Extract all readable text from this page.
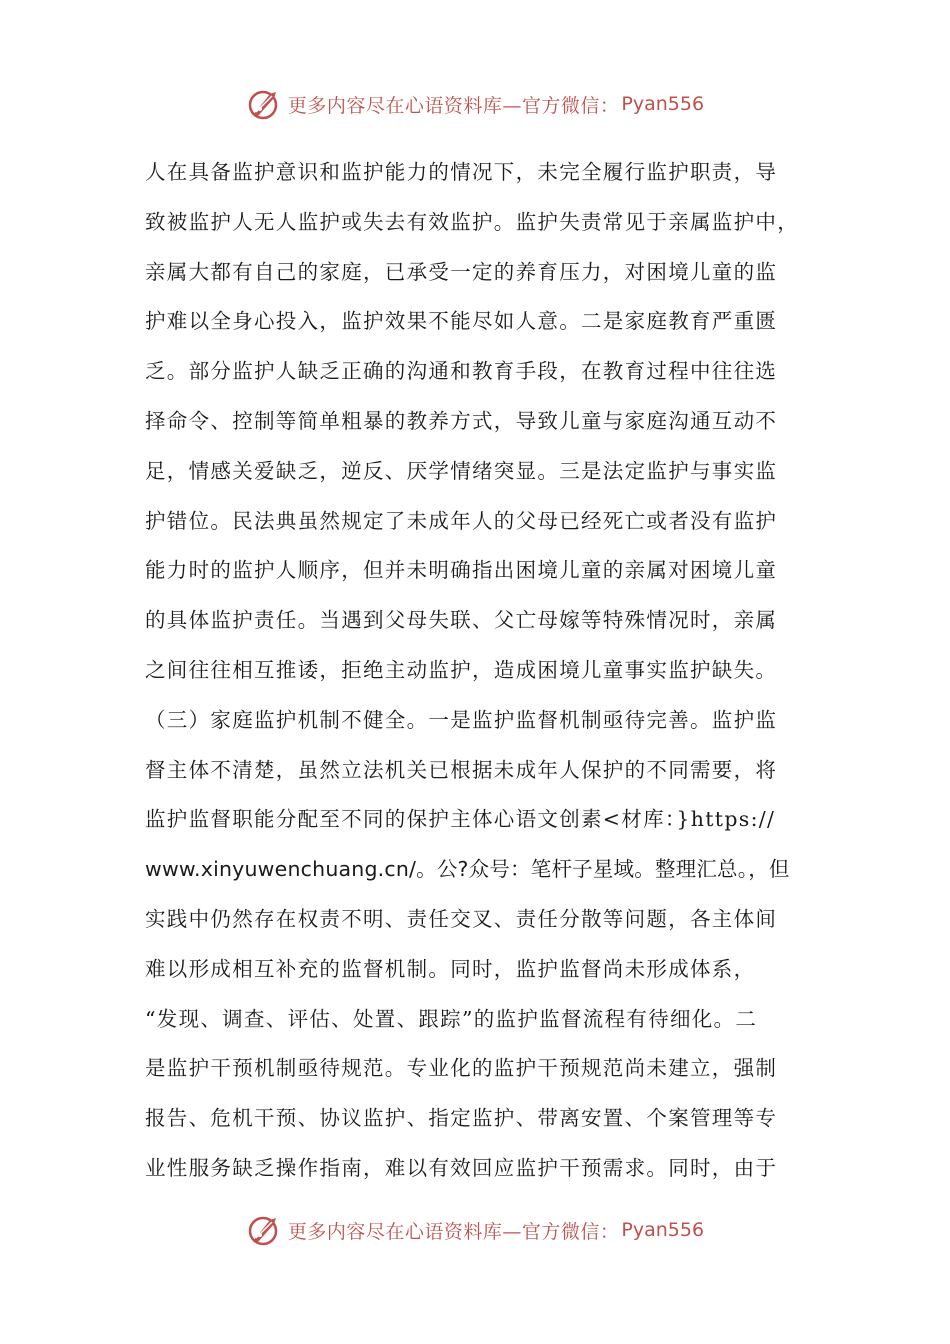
更多内容尽在心语资料库—官方微信： Pyan556
人在具备监护意识和监护能力的情况下，未完全履行监护职责，导
致被监护人无人监护或失去有效监护。监护失责常见于亲属监护中，
亲属大都有自己的家庭，已承受一定的养育压力，对困境儿童的监
护难以全身心投入，监护效果不能尽如人意。二是家庭教育严重匮
乏。部分监护人缺乏正确的沟通和教育手段，在教育过程中往往选
择命令、控制等简单粗暴的教养方式，导致儿童与家庭沟通互动不
足，情感关爱缺乏，逆反、厌学情绪突显。三是法定监护与事实监
护错位。民法典虽然规定了未成年人的父母已经死亡或者没有监护
能力时的监护人顺序，但并未明确指出困境儿童的亲属对困境儿童
的具体监护责任。当遇到父母失联、父亡母嫁等特殊情况时，亲属
之间往往相互推诿，拒绝主动监护，造成困境儿童事实监护缺失。
（三）家庭监护机制不健全。一是监护监督机制亟待完善。监护监
督主体不清楚，虽然立法机关已根据未成年人保护的不同需要，将
监护监督职能分配至不同的保护主体心语文创素<材库：}https://
www.xinyuwenchuang.cn/。公?众号：笔杆子星域。整理汇总。，但
实践中仍然存在权责不明、责任交叉、责任分散等问题，各主体间
难以形成相互补充的监督机制。同时，监护监督尚未形成体系，
“发现、调查、评估、处置、跟踪”的监护监督流程有待细化。二
是监护干预机制亟待规范。专业化的监护干预规范尚未建立，强制
报告、危机干预、协议监护、指定监护、带离安置、个案管理等专
业性服务缺乏操作指南，难以有效回应监护干预需求。同时，由于
更多内容尽在心语资料库—官方微信： Pyan556
